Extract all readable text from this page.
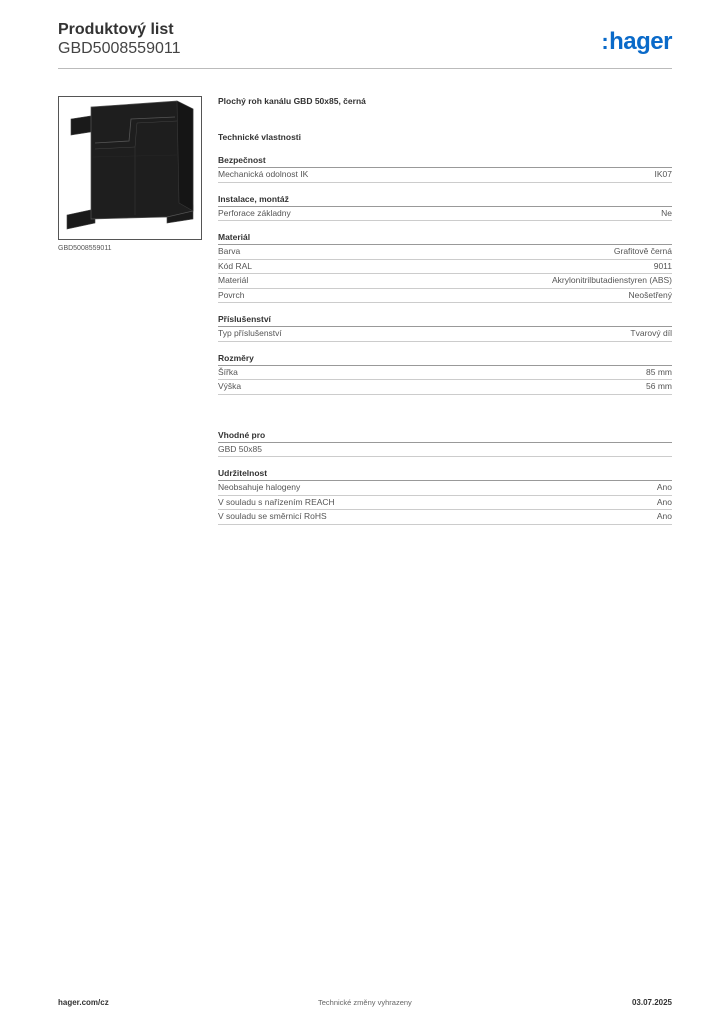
Produktový list
GBD5008559011	:hager
GBD5008559011
Plochý roh kanálu GBD 50x85, černá
Technické vlastnosti
Bezpečnost
Mechanická odolnost IK	IK07
Instalace, montáž
Perforace základny	Ne
Materiál
Barva	Grafitově černá
Kód RAL	9011
Materiál	Akrylonitrilbutadienstyren (ABS)
Povrch	Neošetřený
Příslušenství
Typ příslušenství	Tvarový díl
Rozměry
Šířka	85 mm
Výška	56 mm
Vhodné pro
GBD 50x85
Udržitelnost
Neobsahuje halogeny	Ano
V souladu s nařízením REACH	Ano
V souladu se směrnicí RoHS	Ano
hager.com/cz	Technické změny vyhrazeny	03.07.2025
